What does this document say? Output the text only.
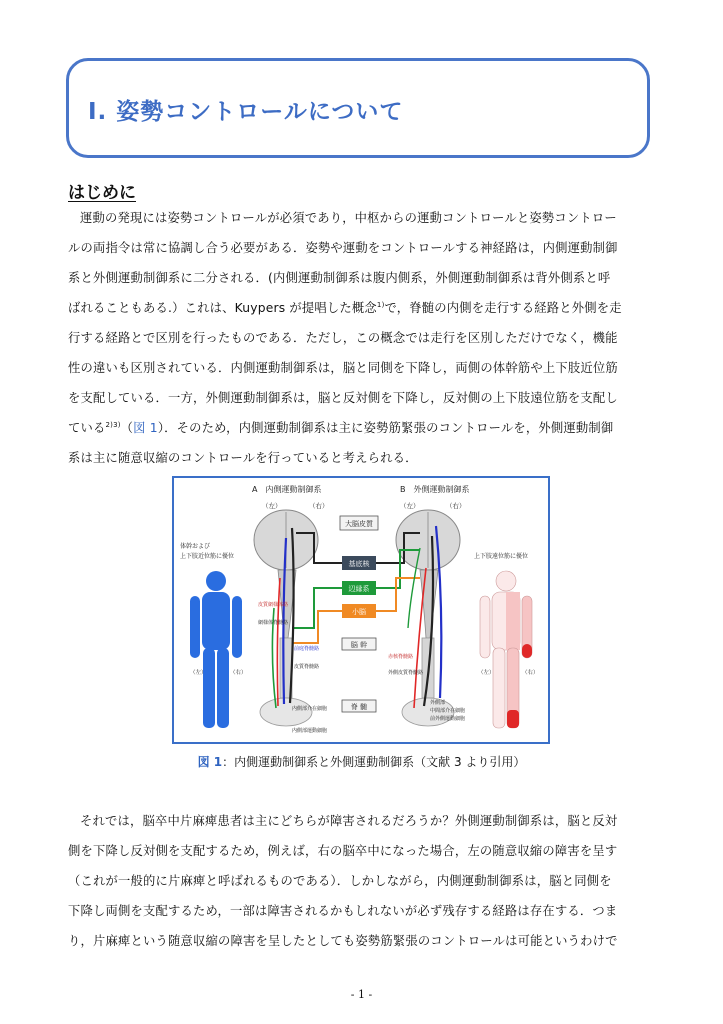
Ⅰ. 姿勢コントロールについて
はじめに
運動の発現には姿勢コントロールが必須であり，中枢からの運動コントロールと姿勢コントロー
ルの両指令は常に協調し合う必要がある．姿勢や運動をコントロールする神経路は，内側運動制御
系と外側運動制御系に二分される．(内側運動制御系は腹内側系，外側運動制御系は背外側系と呼
ばれることもある.）これは、Kuypers が提唱した概念$^{1)}$で，脊髄の内側を走行する経路と外側を走
行する経路とで区別を行ったものである．ただし，この概念では走行を区別しただけでなく，機能
性の違いも区別されている．内側運動制御系は，脳と同側を下降し，両側の体幹筋や上下肢近位筋
を支配している．一方，外側運動制御系は，脳と反対側を下降し，反対側の上下肢遠位筋を支配し
ている$^{2)3)}$（図 1）．そのため，内側運動制御系は主に姿勢筋緊張のコントロールを，外側運動制御
系は主に随意収縮のコントロールを行っていると考えられる．
A　内側運動制御系	B　外側運動制御系
（左）	（右）	（左）	（右）
大脳皮質
基底核
辺縁系
小脳
脳 幹
脊 髄
皮質網様体路
網様体脊髄路
前庭脊髄路
皮質脊髄路
赤核脊髄路
外側皮質脊髄路
内側部介在細胞
内側部運動細胞
外側部
中間部介在細胞
前外側運動細胞
体幹および
上下肢近位筋に優位	上下肢遠位筋に優位
（左）	（右）	（左）	（右）
図 1：内側運動制御系と外側運動制御系（文献 3 より引用）
それでは，脳卒中片麻痺患者は主にどちらが障害されるだろうか？外側運動制御系は，脳と反対
側を下降し反対側を支配するため，例えば，右の脳卒中になった場合，左の随意収縮の障害を呈す
（これが一般的に片麻痺と呼ばれるものである）．しかしながら，内側運動制御系は，脳と同側を
下降し両側を支配するため，一部は障害されるかもしれないが必ず残存する経路は存在する．つま
り，片麻痺という随意収縮の障害を呈したとしても姿勢筋緊張のコントロールは可能というわけで
- 1 -
